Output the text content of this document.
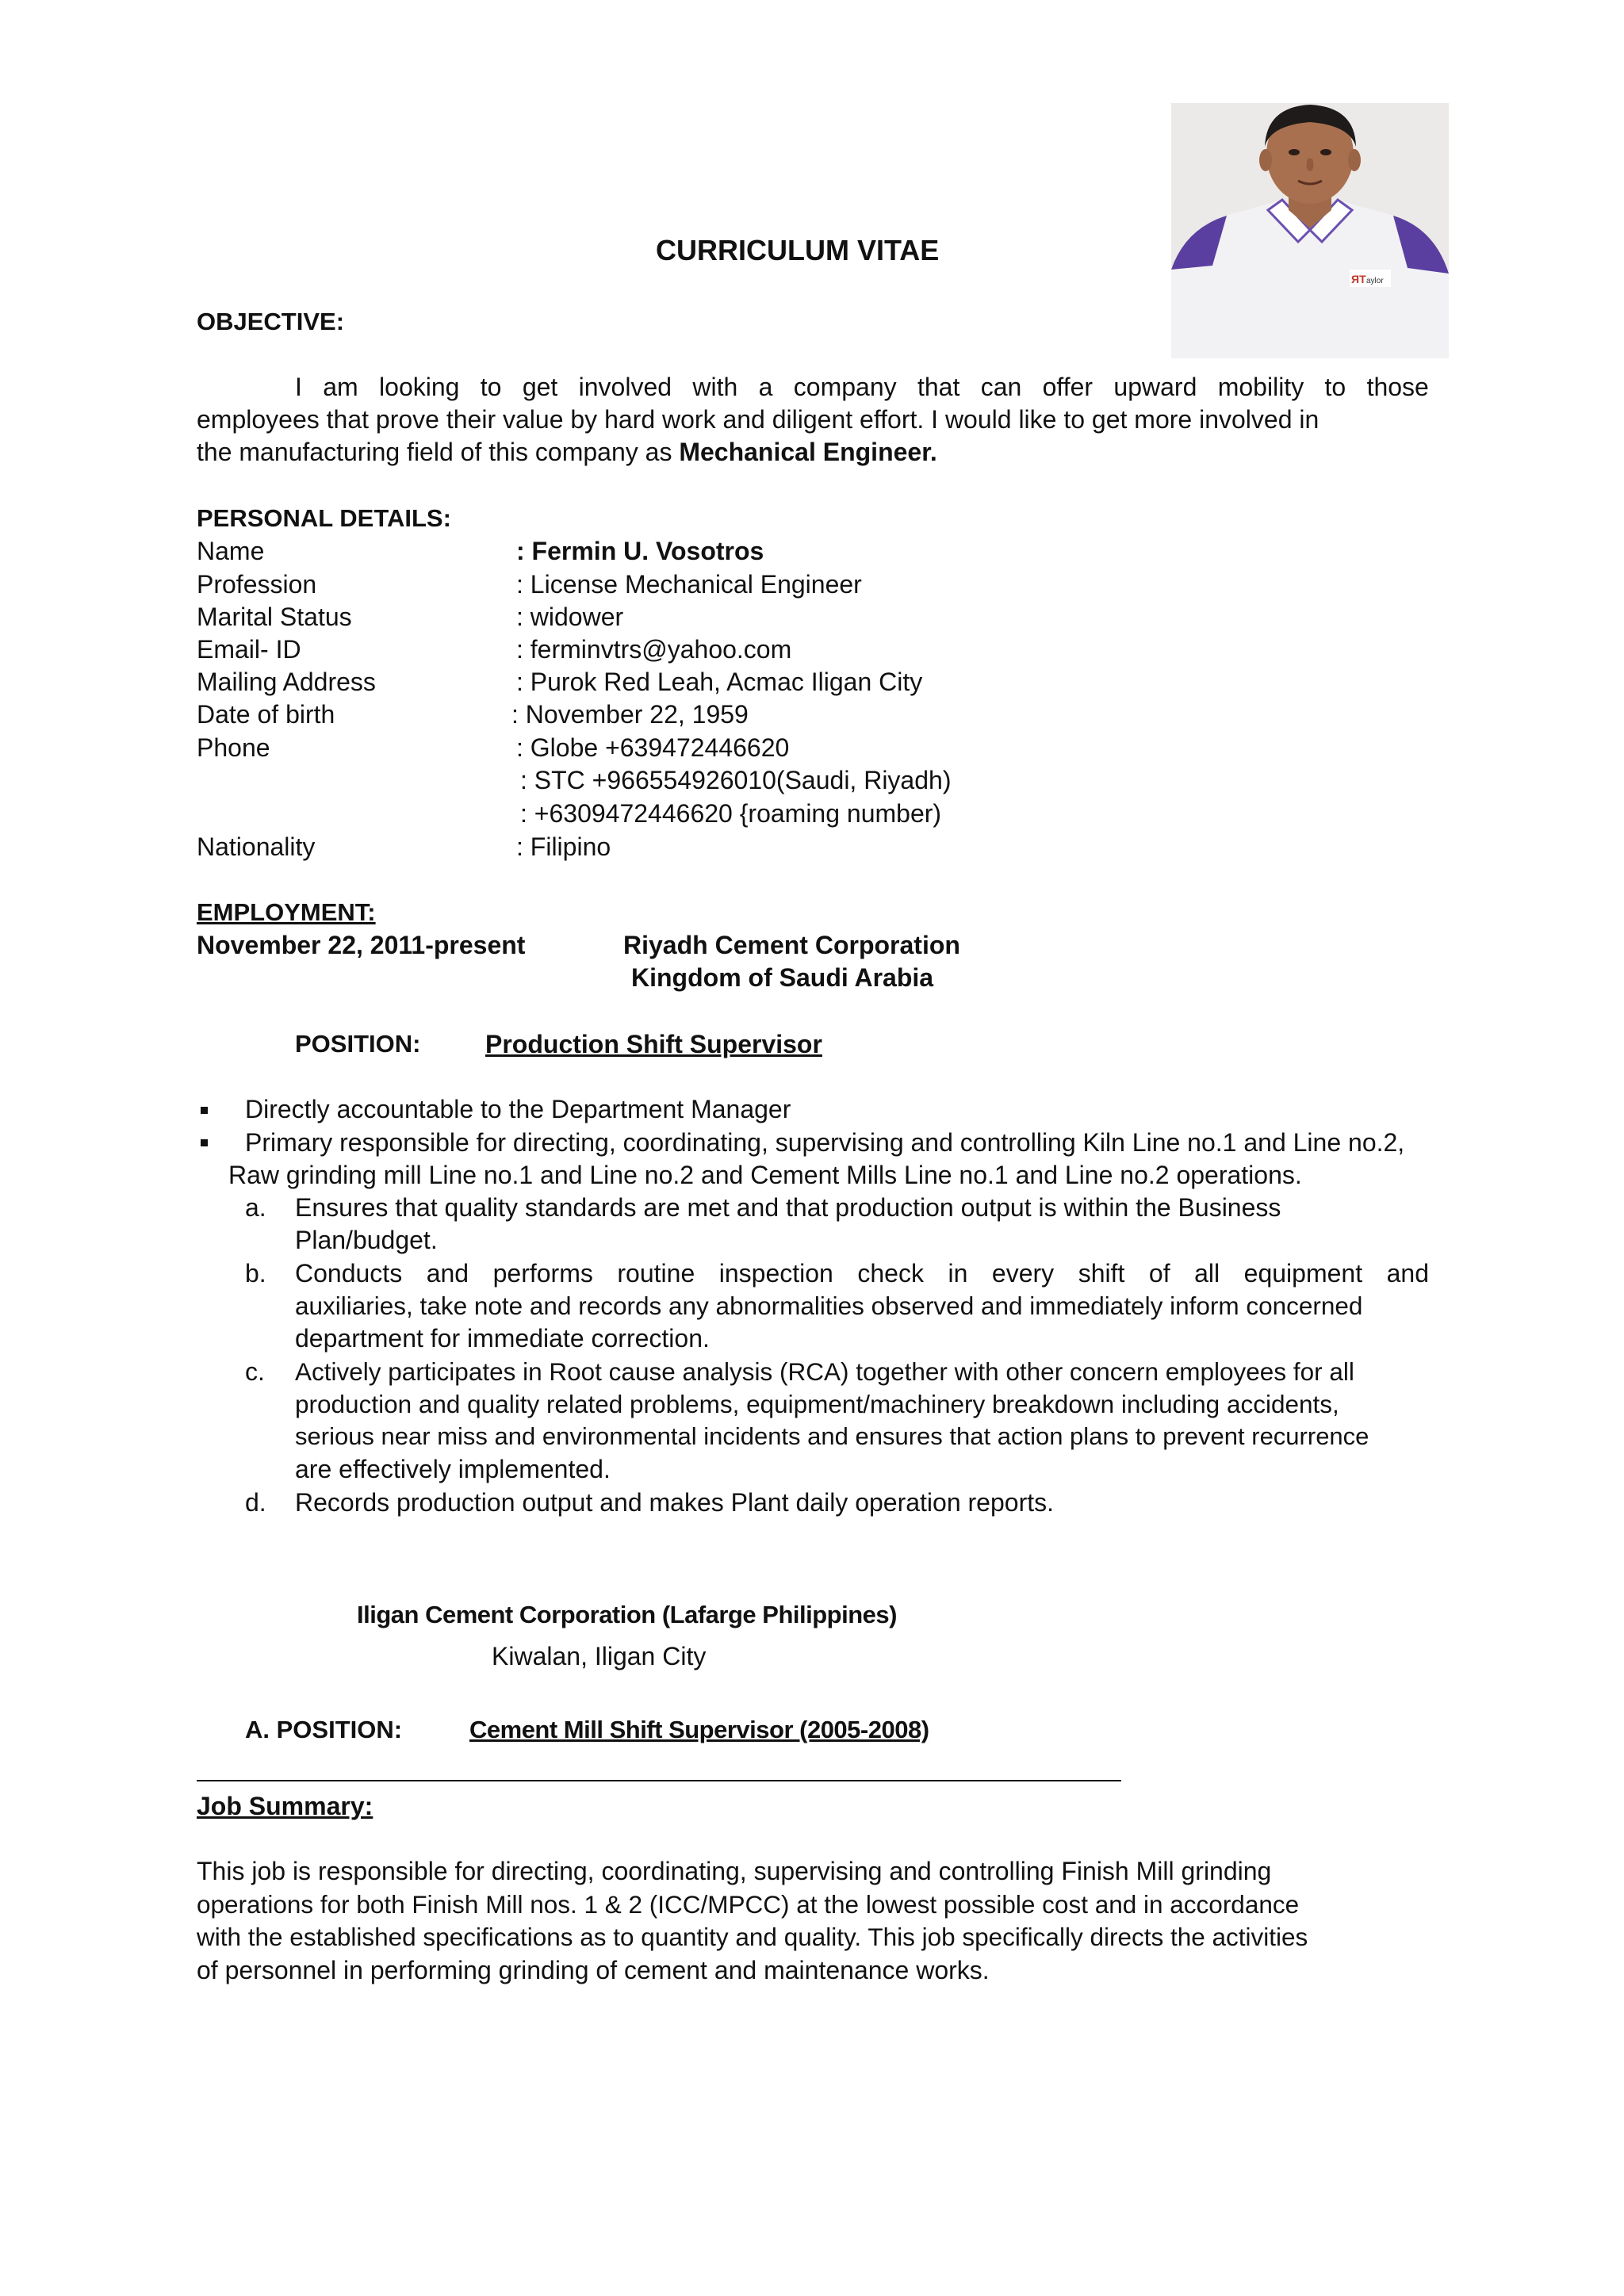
ЯT aylor
CURRICULUM VITAE
OBJECTIVE:
I am looking to get involved with a company that can offer upward mobility to those
employees that prove their value by hard work and diligent effort. I would like to get more involved in
the manufacturing field of this company as Mechanical Engineer.
PERSONAL DETAILS:
Name	: Fermin U. Vosotros
Profession	: License Mechanical Engineer
Marital Status	: widower
Email- ID	: ferminvtrs@yahoo.com
Mailing Address	: Purok Red Leah, Acmac Iligan City
Date of birth	: November 22, 1959
Phone	: Globe +639472446620
: STC +966554926010(Saudi, Riyadh)
: +6309472446620 {roaming number)
Nationality	: Filipino
EMPLOYMENT:
November 22, 2011-present	Riyadh Cement Corporation
Kingdom of Saudi Arabia
POSITION:	Production Shift Supervisor
Directly accountable to the Department Manager
Primary responsible for directing, coordinating, supervising and controlling Kiln Line no.1 and Line no.2,
Raw grinding mill Line no.1 and Line no.2 and Cement Mills Line no.1 and Line no.2 operations.
a. Ensures that quality standards are met and that production output is within the Business
Plan/budget.
b. Conducts  and  performs  routine  inspection  check  in  every  shift  of  all  equipment  and
auxiliaries, take note and records any abnormalities observed and immediately inform concerned
department for immediate correction.
c. Actively participates in Root cause analysis (RCA) together with other concern employees for all
production and quality related problems, equipment/machinery breakdown including accidents,
serious near miss and environmental incidents and ensures that action plans to prevent recurrence
are effectively implemented.
d. Records production output and makes Plant daily operation reports.
Iligan Cement Corporation (Lafarge Philippines)
Kiwalan, Iligan City
A. POSITION:	Cement Mill Shift Supervisor (2005-2008)
Job Summary:
This job is responsible for directing, coordinating, supervising and controlling Finish Mill grinding
operations for both Finish Mill nos. 1 & 2 (ICC/MPCC) at the lowest possible cost and in accordance
with the established specifications as to quantity and quality. This job specifically directs the activities
of personnel in performing grinding of cement and maintenance works.
